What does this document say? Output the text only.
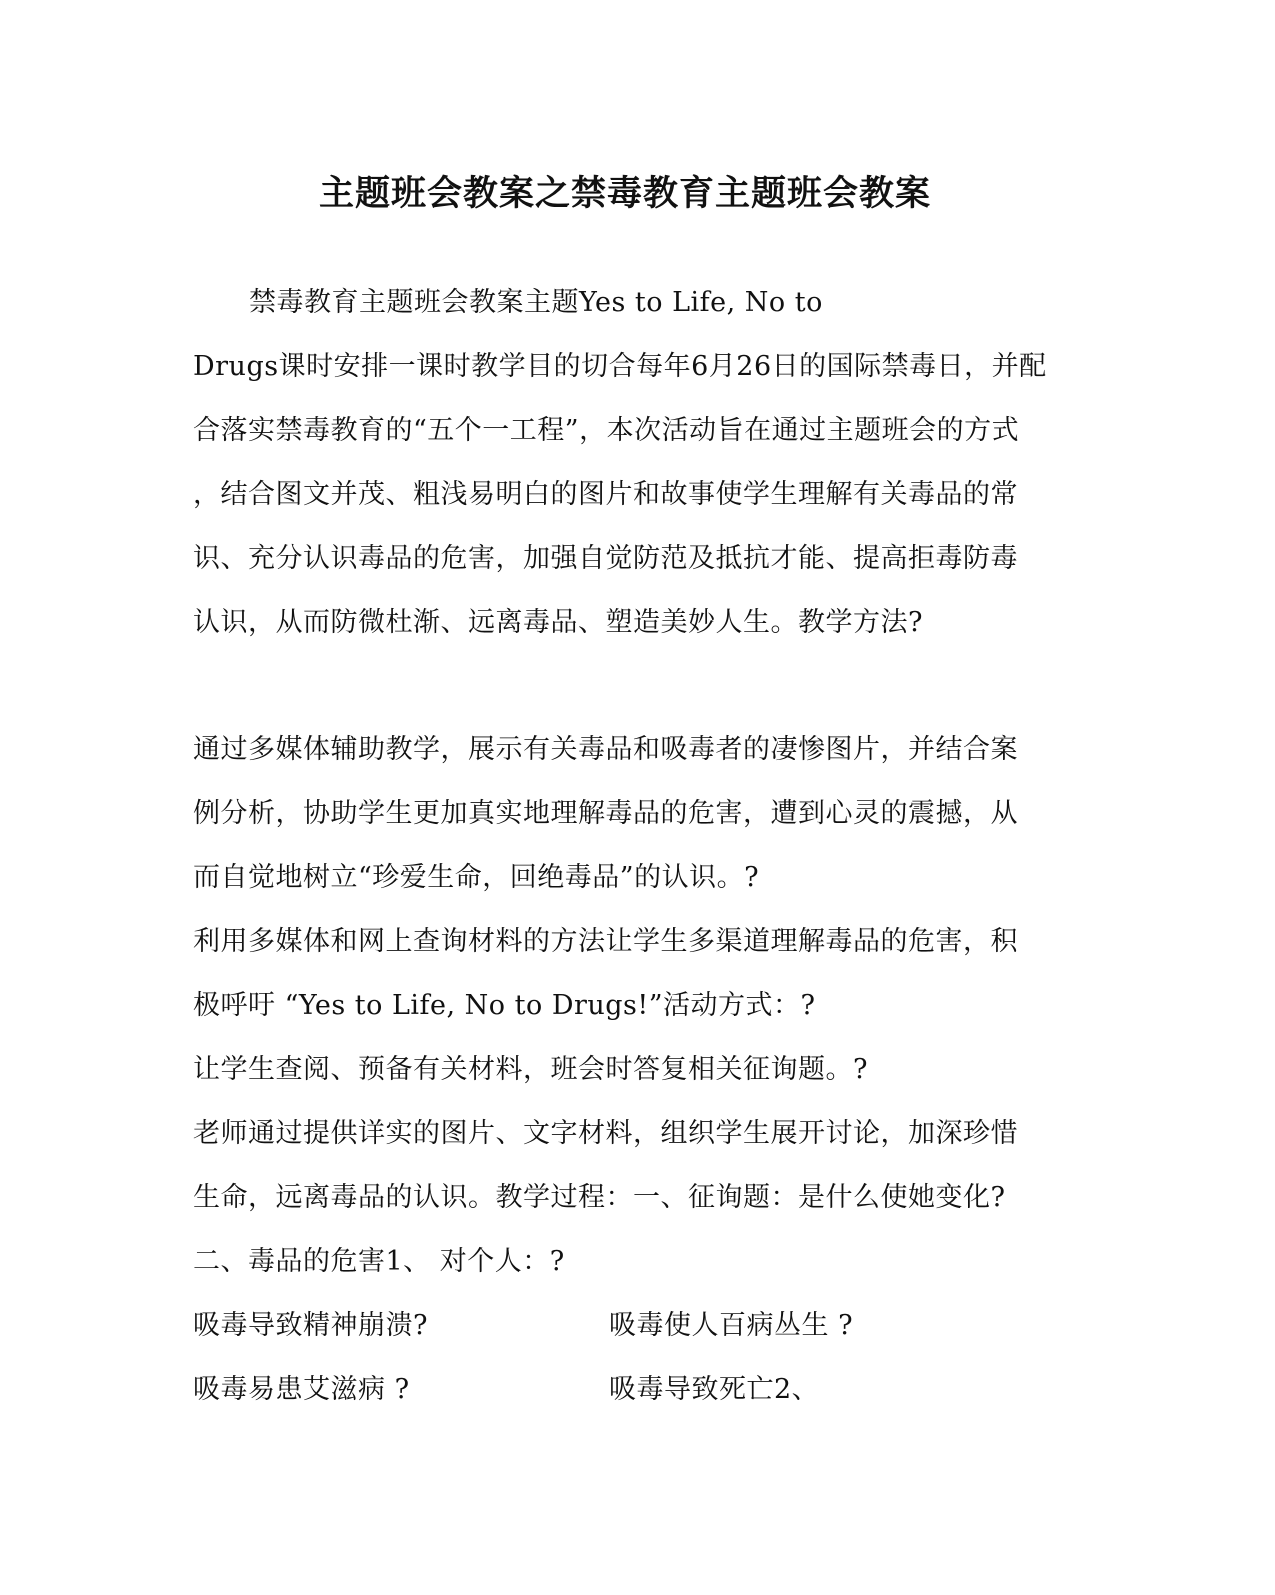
主题班会教案之禁毒教育主题班会教案
禁毒教育主题班会教案主题Yes to Life, No to
Drugs课时安排一课时教学目的切合每年6月26日的国际禁毒日，并配
合落实禁毒教育的“五个一工程”，本次活动旨在通过主题班会的方式
，结合图文并茂、粗浅易明白的图片和故事使学生理解有关毒品的常
识、充分认识毒品的危害，加强自觉防范及抵抗才能、提高拒毒防毒
认识，从而防微杜渐、远离毒品、塑造美妙人生。教学方法?
通过多媒体辅助教学，展示有关毒品和吸毒者的凄惨图片，并结合案
例分析，协助学生更加真实地理解毒品的危害，遭到心灵的震撼，从
而自觉地树立“珍爱生命，回绝毒品”的认识。?
利用多媒体和网上查询材料的方法让学生多渠道理解毒品的危害，积
极呼吁 “Yes to Life, No to Drugs!”活动方式：?
让学生查阅、预备有关材料，班会时答复相关征询题。?
老师通过提供详实的图片、文字材料，组织学生展开讨论，加深珍惜
生命，远离毒品的认识。教学过程：一、征询题：是什么使她变化?
二、毒品的危害1、 对个人：?
吸毒导致精神崩溃?	吸毒使人百病丛生 ?
吸毒易患艾滋病 ?	吸毒导致死亡2、
